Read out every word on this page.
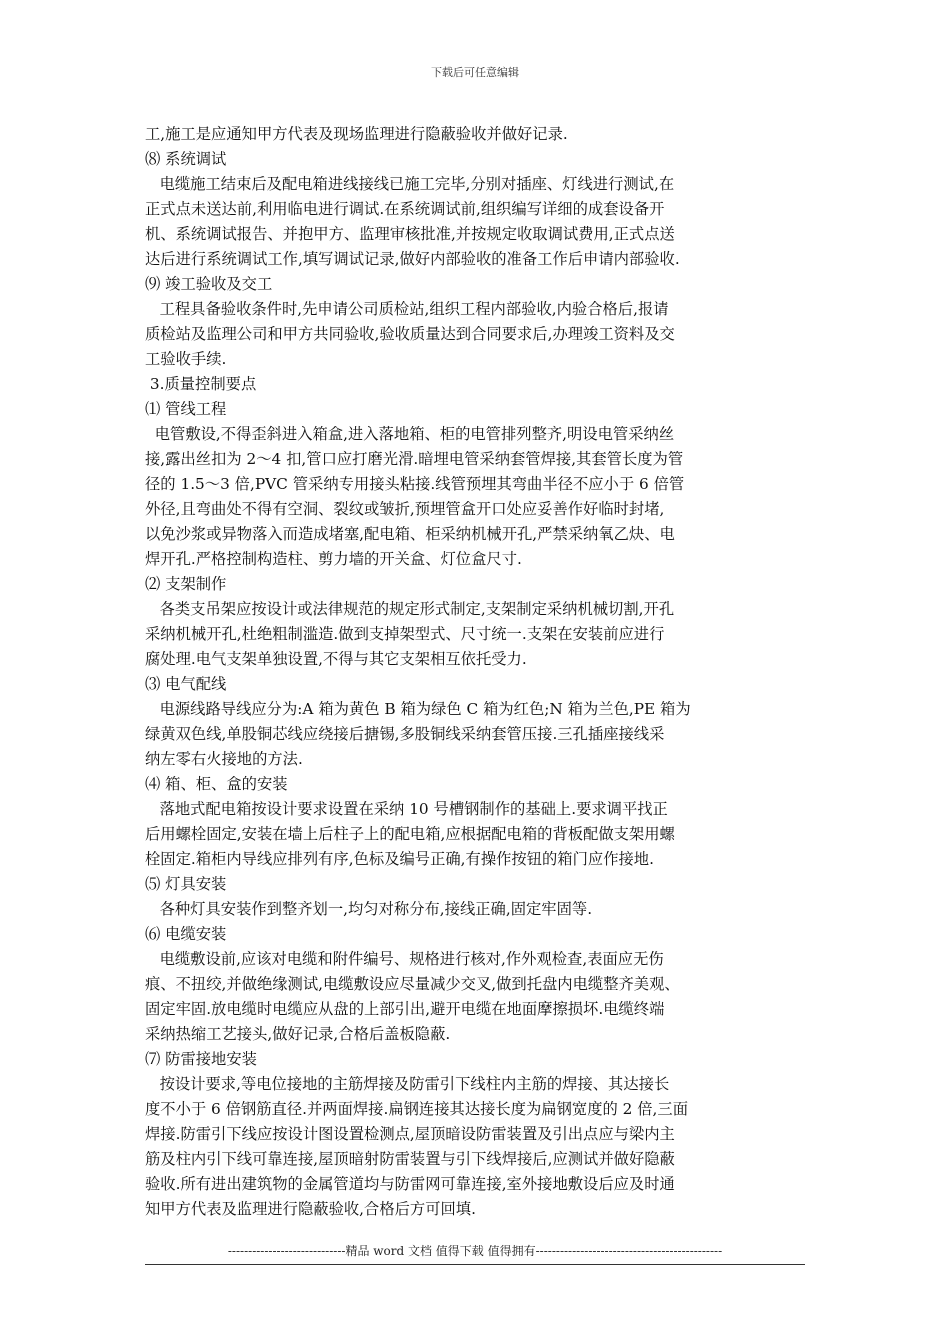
下载后可任意编辑

工,施工是应通知甲方代表及现场监理进行隐蔽验收并做好记录.

⑻ 系统调试

电缆施工结束后及配电箱进线接线已施工完毕,分别对插座、灯线进行测试,在

正式点未送达前,利用临电进行调试.在系统调试前,组织编写详细的成套设备开

机、系统调试报告、并抱甲方、监理审核批准,并按规定收取调试费用,正式点送

达后进行系统调试工作,填写调试记录,做好内部验收的准备工作后申请内部验收.

⑼ 竣工验收及交工

工程具备验收条件时,先申请公司质检站,组织工程内部验收,内验合格后,报请

质检站及监理公司和甲方共同验收,验收质量达到合同要求后,办理竣工资料及交

工验收手续.

3.质量控制要点

⑴ 管线工程

电管敷设,不得歪斜进入箱盒,进入落地箱、柜的电管排列整齐,明设电管采纳丝

接,露出丝扣为 2～4 扣,管口应打磨光滑.暗埋电管采纳套管焊接,其套管长度为管

径的 1.5～3 倍,PVC 管采纳专用接头粘接.线管预埋其弯曲半径不应小于 6 倍管

外径,且弯曲处不得有空洞、裂纹或皱折,预埋管盒开口处应妥善作好临时封堵,

以免沙浆或异物落入而造成堵塞,配电箱、柜采纳机械开孔,严禁采纳氧乙炔、电

焊开孔.严格控制构造柱、剪力墙的开关盒、灯位盒尺寸.

⑵ 支架制作

各类支吊架应按设计或法律规范的规定形式制定,支架制定采纳机械切割,开孔

采纳机械开孔,杜绝粗制滥造.做到支掉架型式、尺寸统一.支架在安装前应进行

腐处理.电气支架单独设置,不得与其它支架相互依托受力.

⑶ 电气配线

电源线路导线应分为:A 箱为黄色 B 箱为绿色 C 箱为红色;N 箱为兰色,PE 箱为

绿黄双色线,单股铜芯线应绕接后搪锡,多股铜线采纳套管压接.三孔插座接线采

纳左零右火接地的方法.

⑷ 箱、柜、盒的安装

落地式配电箱按设计要求设置在采纳 10 号槽钢制作的基础上.要求调平找正

后用螺栓固定,安装在墙上后柱子上的配电箱,应根据配电箱的背板配做支架用螺

栓固定.箱柜内导线应排列有序,色标及编号正确,有操作按钮的箱门应作接地.

⑸ 灯具安装

各种灯具安装作到整齐划一,均匀对称分布,接线正确,固定牢固等.

⑹ 电缆安装

电缆敷设前,应该对电缆和附件编号、规格进行核对,作外观检查,表面应无伤

痕、不扭绞,并做绝缘测试,电缆敷设应尽量减少交叉,做到托盘内电缆整齐美观、

固定牢固.放电缆时电缆应从盘的上部引出,避开电缆在地面摩擦损坏.电缆终端

采纳热缩工艺接头,做好记录,合格后盖板隐蔽.

⑺ 防雷接地安装

按设计要求,等电位接地的主筋焊接及防雷引下线柱内主筋的焊接、其达接长

度不小于 6 倍钢筋直径.并两面焊接.扁钢连接其达接长度为扁钢宽度的 2 倍,三面

焊接.防雷引下线应按设计图设置检测点,屋顶暗设防雷装置及引出点应与梁内主

筋及柱内引下线可靠连接,屋顶暗射防雷装置与引下线焊接后,应测试并做好隐蔽

验收.所有进出建筑物的金属管道均与防雷网可靠连接,室外接地敷设后应及时通

知甲方代表及监理进行隐蔽验收,合格后方可回填.

-----------------------------精品 word 文档 值得下载 值得拥有----------------------------------------------
